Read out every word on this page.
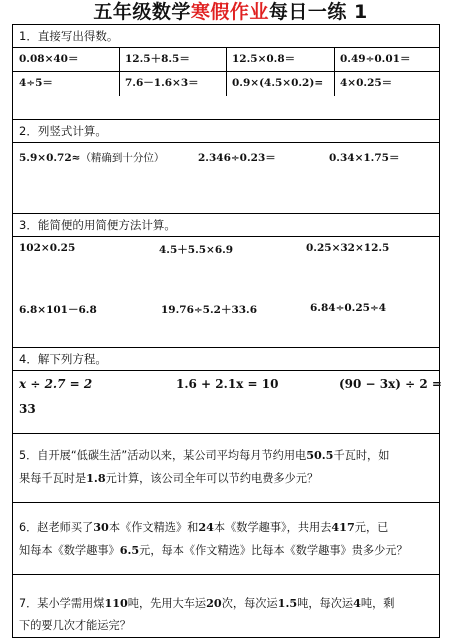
五年级数学寒假作业每日一练 1
1．直接写出得数。
0.08×40＝	12.5＋8.5＝	12.5×0.8＝	0.49÷0.01＝
4÷5＝	7.6－1.6×3＝	0.9×(4.5×0.2)=	4×0.25＝
2．列竖式计算。
5.9×0.72≈（精确到十分位）	2.346÷0.23＝	0.34×1.75＝
3．能简便的用简便方法计算。
102×0.25	4.5＋5.5×6.9	0.25×32×12.5
6.8×101－6.8	19.76÷5.2＋33.6	6.84÷0.25÷4
4．解下列方程。
x ÷ 2.7 = 2	1.6 + 2.1x = 10	(90 − 3x) ÷ 2 =
33
5．自开展“低碳生活”活动以来，某公司平均每月节约用电50.5千瓦时，如
果每千瓦时是1.8元计算，该公司全年可以节约电费多少元？
6．赵老师买了30本《作文精选》和24本《数学趣事》，共用去417元，已
知每本《数学趣事》6.5元，每本《作文精选》比每本《数学趣事》贵多少元？
7．某小学需用煤110吨，先用大车运20次，每次运1.5吨，每次运4吨，剩
下的要几次才能运完？
